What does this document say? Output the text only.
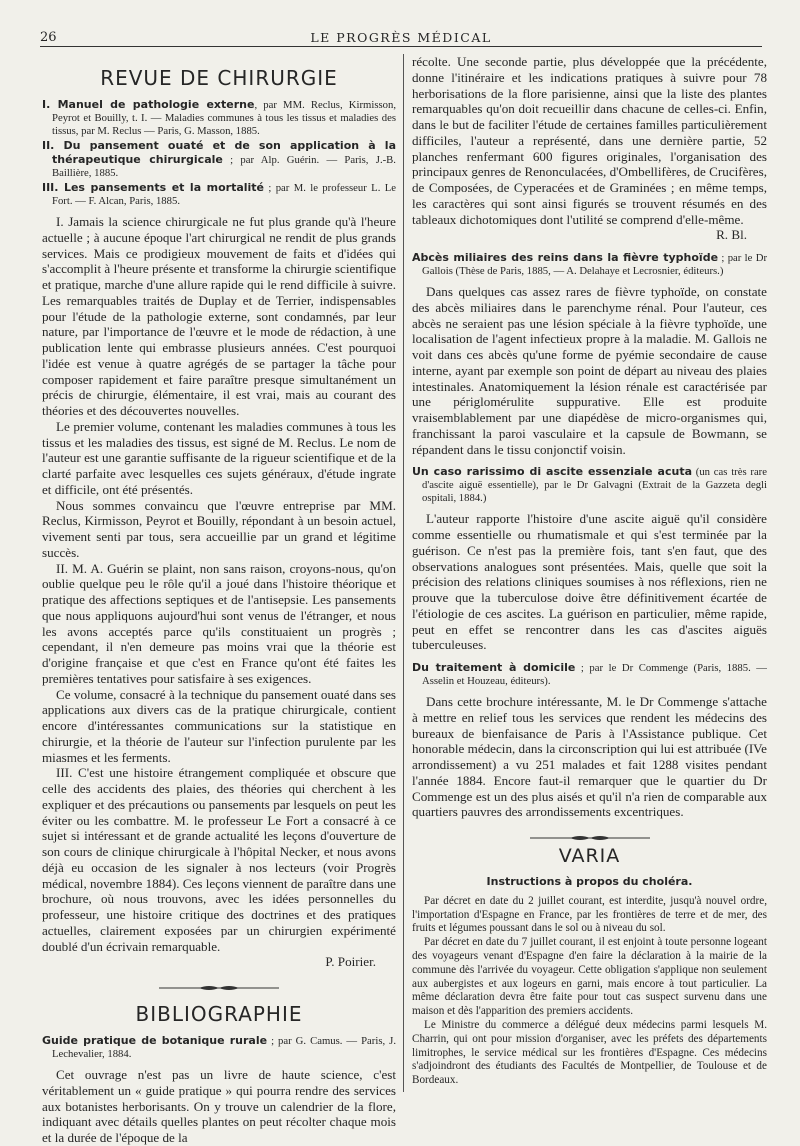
26	LE PROGRÈS MÉDICAL
REVUE DE CHIRURGIE

I. Manuel de pathologie externe, par MM. Reclus, Kirmisson, Peyrot et Bouilly, t. I. — Maladies communes à tous les tissus et maladies des tissus, par M. Reclus — Paris, G. Masson, 1885.

II. Du pansement ouaté et de son application à la thérapeutique chirurgicale ; par Alp. Guérin. — Paris, J.-B. Baillière, 1885.

III. Les pansements et la mortalité ; par M. le professeur L. Le Fort. — F. Alcan, Paris, 1885.

I. Jamais la science chirurgicale ne fut plus grande qu'à l'heure actuelle ; à aucune époque l'art chirurgical ne rendit de plus grands services. Mais ce prodigieux mouvement de faits et d'idées qui s'accomplit à l'heure présente et transforme la chirurgie scientifique et pratique, marche d'une allure rapide qui le rend difficile à suivre. Les remarquables traités de Duplay et de Terrier, indispensables pour l'étude de la pathologie externe, sont condamnés, par leur nature, par l'importance de l'œuvre et le mode de rédaction, à une publication lente qui embrasse plusieurs années. C'est pourquoi l'idée est venue à quatre agrégés de se partager la tâche pour composer rapidement et faire paraître presque simultanément un précis de chirurgie, élémentaire, il est vrai, mais au courant des théories et des découvertes nouvelles.

Le premier volume, contenant les maladies communes à tous les tissus et les maladies des tissus, est signé de M. Reclus. Le nom de l'auteur est une garantie suffisante de la rigueur scientifique et de la clarté parfaite avec lesquelles ces sujets généraux, d'étude ingrate et difficile, ont été présentés.

Nous sommes convaincu que l'œuvre entreprise par MM. Reclus, Kirmisson, Peyrot et Bouilly, répondant à un besoin actuel, vivement senti par tous, sera accueillie par un grand et légitime succès.

II. M. A. Guérin se plaint, non sans raison, croyons-nous, qu'on oublie quelque peu le rôle qu'il a joué dans l'histoire théorique et pratique des affections septiques et de l'antisepsie. Les pansements que nous appliquons aujourd'hui sont venus de l'étranger, et nous les avons acceptés parce qu'ils constituaient un progrès ; cependant, il n'en demeure pas moins vrai que la théorie est d'origine française et que c'est en France qu'ont été faites les premières tentatives pour satisfaire à ses exigences.

Ce volume, consacré à la technique du pansement ouaté dans ses applications aux divers cas de la pratique chirurgicale, contient encore d'intéressantes communications sur la statistique en chirurgie, et la théorie de l'auteur sur l'infection purulente par les miasmes et les ferments.

III. C'est une histoire étrangement compliquée et obscure que celle des accidents des plaies, des théories qui cherchent à les expliquer et des précautions ou pansements par lesquels on peut les éviter ou les combattre. M. le professeur Le Fort a consacré à ce sujet si intéressant et de grande actualité les leçons d'ouverture de son cours de clinique chirurgicale à l'hôpital Necker, et nous avons déjà eu occasion de les signaler à nos lecteurs (voir Progrès médical, novembre 1884). Ces leçons viennent de paraître dans une brochure, où nous trouvons, avec les idées personnelles du professeur, une histoire critique des doctrines et des pratiques actuelles, clairement exposées par un chirurgien expérimenté doublé d'un écrivain remarquable.

P. Poirier.
BIBLIOGRAPHIE
Guide pratique de botanique rurale ; par G. Camus. — Paris, J. Lechevalier, 1884.

Cet ouvrage n'est pas un livre de haute science, c'est véritablement un « guide pratique » qui pourra rendre des services aux botanistes herborisants. On y trouve un calendrier de la flore, indiquant avec détails quelles plantes on peut récolter chaque mois et la durée de l'époque de la

récolte. Une seconde partie, plus développée que la précédente, donne l'itinéraire et les indications pratiques à suivre pour 78 herborisations de la flore parisienne, ainsi que la liste des plantes remarquables qu'on doit recueillir dans chacune de celles-ci. Enfin, dans le but de faciliter l'étude de certaines familles particulièrement difficiles, l'auteur a représenté, dans une dernière partie, 52 planches renfermant 600 figures originales, l'organisation des principaux genres de Renonculacées, d'Ombellifères, de Crucifères, de Composées, de Cyperacées et de Graminées ; en même temps, les caractères qui sont ainsi figurés se trouvent résumés en des tableaux dichotomiques dont l'utilité se comprend d'elle-même.

R. Bl.
Abcès miliaires des reins dans la fièvre typhoïde ; par le Dr Gallois (Thèse de Paris, 1885, — A. Delahaye et Lecrosnier, éditeurs.)

Dans quelques cas assez rares de fièvre typhoïde, on constate des abcès miliaires dans le parenchyme rénal. Pour l'auteur, ces abcès ne seraient pas une lésion spéciale à la fièvre typhoïde, une localisation de l'agent infectieux propre à la maladie. M. Gallois ne voit dans ces abcès qu'une forme de pyémie secondaire de cause interne, ayant par exemple son point de départ au niveau des plaies intestinales. Anatomiquement la lésion rénale est caractérisée par une périglomérulite suppurative. Elle est produite vraisemblablement par une diapédèse de micro-organismes qui, franchissant la paroi vasculaire et la capsule de Bowmann, se répandent dans le tissu conjonctif voisin.

Un caso rarissimo di ascite essenziale acuta (un cas très rare d'ascite aiguë essentielle), par le Dr Galvagni (Extrait de la Gazzeta degli ospitali, 1884.)

L'auteur rapporte l'histoire d'une ascite aiguë qu'il considère comme essentielle ou rhumatismale et qui s'est terminée par la guérison. Ce n'est pas la première fois, tant s'en faut, que des observations analogues sont présentées. Mais, quelle que soit la précision des relations cliniques soumises à nos réflexions, rien ne prouve que la tuberculose doive être définitivement écartée de l'étiologie de ces ascites. La guérison en particulier, même rapide, peut en effet se rencontrer dans les cas d'ascites aiguës tuberculeuses.

Du traitement à domicile ; par le Dr Commenge (Paris, 1885. — Asselin et Houzeau, éditeurs).

Dans cette brochure intéressante, M. le Dr Commenge s'attache à mettre en relief tous les services que rendent les médecins des bureaux de bienfaisance de Paris à l'Assistance publique. Cet honorable médecin, dans la circonscription qui lui est attribuée (IVe arrondissement) a vu 251 malades et fait 1288 visites pendant l'année 1884. Encore faut-il remarquer que le quartier du Dr Commenge est un des plus aisés et qu'il n'a rien de comparable aux quartiers pauvres des arrondissements excentriques.

VARIA
Instructions à propos du choléra.

Par décret en date du 2 juillet courant, est interdite, jusqu'à nouvel ordre, l'importation d'Espagne en France, par les frontières de terre et de mer, des fruits et légumes poussant dans le sol ou à niveau du sol.

Par décret en date du 7 juillet courant, il est enjoint à toute personne logeant des voyageurs venant d'Espagne d'en faire la déclaration à la mairie de la commune dès l'arrivée du voyageur. Cette obligation s'applique non seulement aux aubergistes et aux logeurs en garni, mais encore à tout particulier. La même déclaration devra être faite pour tout cas suspect survenu dans une maison et dès l'apparition des premiers accidents.

Le Ministre du commerce a délégué deux médecins parmi lesquels M. Charrin, qui ont pour mission d'organiser, avec les préfets des départements limitrophes, le service médical sur les frontières d'Espagne. Ces médecins s'adjoindront des étudiants des Facultés de Montpellier, de Toulouse et de Bordeaux.
